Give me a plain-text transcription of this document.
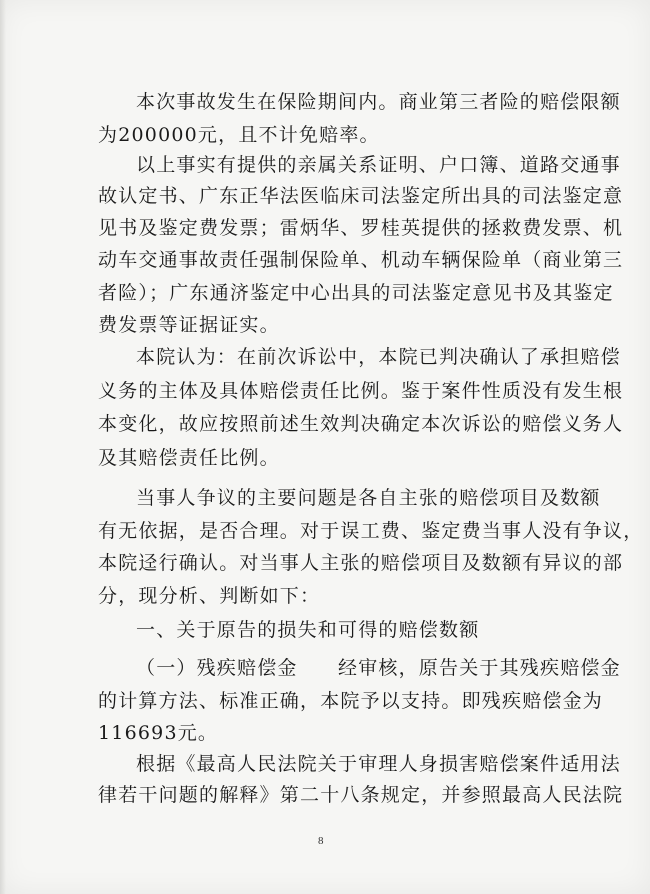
本次事故发生在保险期间内。商业第三者险的赔偿限额
为200000元，且不计免赔率。
以上事实有提供的亲属关系证明、户口簿、道路交通事
故认定书、广东正华法医临床司法鉴定所出具的司法鉴定意
见书及鉴定费发票；雷炳华、罗桂英提供的拯救费发票、机
动车交通事故责任强制保险单、机动车辆保险单（商业第三
者险）；广东通济鉴定中心出具的司法鉴定意见书及其鉴定
费发票等证据证实。
本院认为：在前次诉讼中，本院已判决确认了承担赔偿
义务的主体及具体赔偿责任比例。鉴于案件性质没有发生根
本变化，故应按照前述生效判决确定本次诉讼的赔偿义务人
及其赔偿责任比例。
当事人争议的主要问题是各自主张的赔偿项目及数额
有无依据，是否合理。对于误工费、鉴定费当事人没有争议，
本院迳行确认。对当事人主张的赔偿项目及数额有异议的部
分，现分析、判断如下：
一、关于原告的损失和可得的赔偿数额
（一）残疾赔偿金　　经审核，原告关于其残疾赔偿金
的计算方法、标准正确，本院予以支持。即残疾赔偿金为
116693元。
根据《最高人民法院关于审理人身损害赔偿案件适用法
律若干问题的解释》第二十八条规定，并参照最高人民法院
8
